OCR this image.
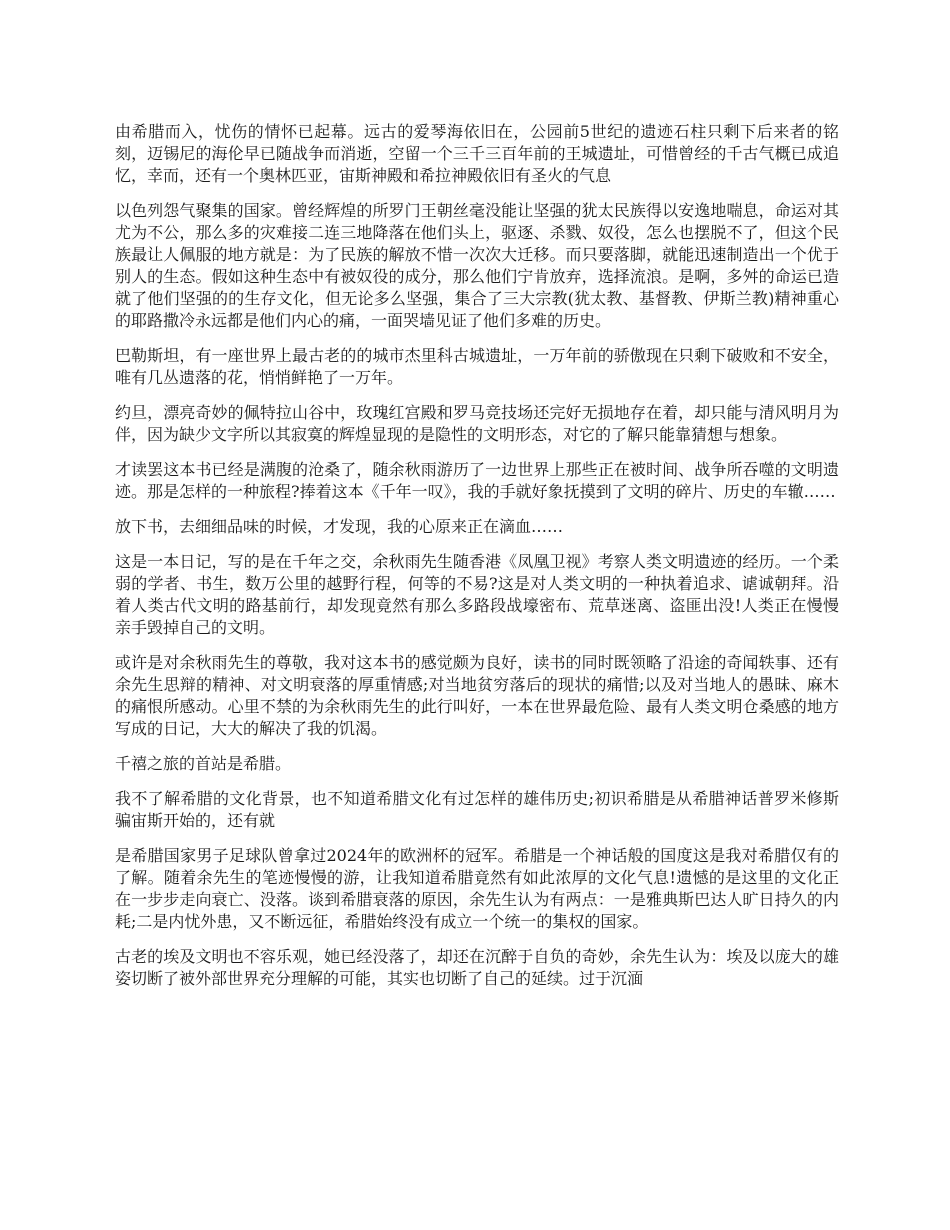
由希腊而入，忧伤的情怀已起幕。远古的爱琴海依旧在，公园前5世纪的遗迹石柱只剩下后来者的铭刻，迈锡尼的海伦早已随战争而消逝，空留一个三千三百年前的王城遗址，可惜曾经的千古气概已成追忆，幸而，还有一个奥林匹亚，宙斯神殿和希拉神殿依旧有圣火的气息

以色列怨气聚集的国家。曾经辉煌的所罗门王朝丝毫没能让坚强的犹太民族得以安逸地喘息，命运对其尤为不公，那么多的灾难接二连三地降落在他们头上，驱逐、杀戮、奴役，怎么也摆脱不了，但这个民族最让人佩服的地方就是：为了民族的解放不惜一次次大迁移。而只要落脚，就能迅速制造出一个优于别人的生态。假如这种生态中有被奴役的成分，那么他们宁肯放弃，选择流浪。是啊，多舛的命运已造就了他们坚强的的生存文化，但无论多么坚强，集合了三大宗教(犹太教、基督教、伊斯兰教)精神重心的耶路撒冷永远都是他们内心的痛，一面哭墙见证了他们多难的历史。

巴勒斯坦，有一座世界上最古老的的城市杰里科古城遗址，一万年前的骄傲现在只剩下破败和不安全，唯有几丛遗落的花，悄悄鲜艳了一万年。

约旦，漂亮奇妙的佩特拉山谷中，玫瑰红宫殿和罗马竞技场还完好无损地存在着，却只能与清风明月为伴，因为缺少文字所以其寂寞的辉煌显现的是隐性的文明形态，对它的了解只能靠猜想与想象。

才读罢这本书已经是满腹的沧桑了，随余秋雨游历了一边世界上那些正在被时间、战争所吞噬的文明遗迹。那是怎样的一种旅程?捧着这本《千年一叹》，我的手就好象抚摸到了文明的碎片、历史的车辙……

放下书，去细细品味的时候，才发现，我的心原来正在滴血……

这是一本日记，写的是在千年之交，余秋雨先生随香港《凤凰卫视》考察人类文明遗迹的经历。一个柔弱的学者、书生，数万公里的越野行程，何等的不易?这是对人类文明的一种执着追求、谑诚朝拜。沿着人类古代文明的路基前行，却发现竟然有那么多路段战壕密布、荒草迷离、盗匪出没!人类正在慢慢亲手毁掉自己的文明。

或许是对余秋雨先生的尊敬，我对这本书的感觉颇为良好，读书的同时既领略了沿途的奇闻轶事、还有余先生思辩的精神、对文明衰落的厚重情感;对当地贫穷落后的现状的痛惜;以及对当地人的愚昧、麻木的痛恨所感动。心里不禁的为余秋雨先生的此行叫好，一本在世界最危险、最有人类文明仓桑感的地方写成的日记，大大的解决了我的饥渴。

千禧之旅的首站是希腊。

我不了解希腊的文化背景，也不知道希腊文化有过怎样的雄伟历史;初识希腊是从希腊神话普罗米修斯骗宙斯开始的，还有就

是希腊国家男子足球队曾拿过2024年的欧洲杯的冠军。希腊是一个神话般的国度这是我对希腊仅有的了解。随着余先生的笔迹慢慢的游，让我知道希腊竟然有如此浓厚的文化气息!遗憾的是这里的文化正在一步步走向衰亡、没落。谈到希腊衰落的原因，余先生认为有两点：一是雅典斯巴达人旷日持久的内耗;二是内忧外患，又不断远征，希腊始终没有成立一个统一的集权的国家。

古老的埃及文明也不容乐观，她已经没落了，却还在沉醉于自负的奇妙，余先生认为：埃及以庞大的雄姿切断了被外部世界充分理解的可能，其实也切断了自己的延续。过于沉湎
